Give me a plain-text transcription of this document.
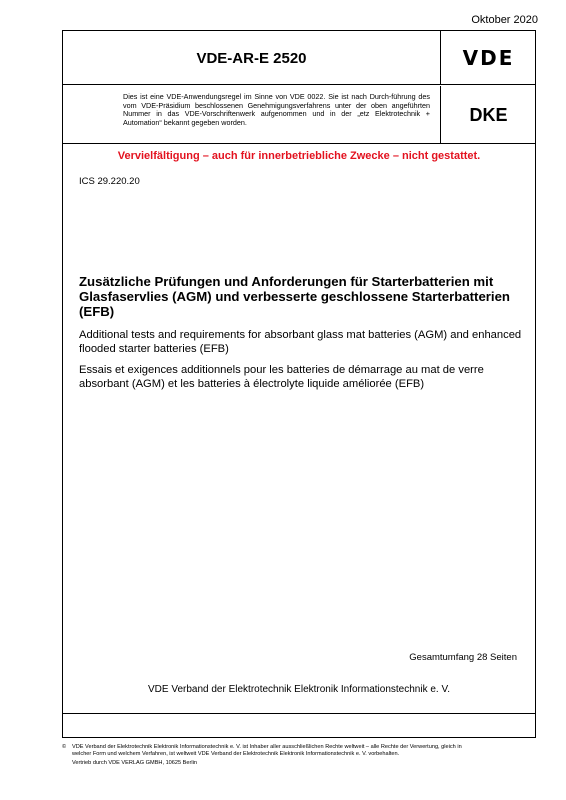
Oktober 2020
VDE-AR-E 2520	VDE
Dies ist eine VDE-Anwendungsregel im Sinne von VDE 0022. Sie ist nach Durch-führung des vom VDE-Präsidium beschlossenen Genehmigungsverfahrens unter der oben angeführten Nummer in das VDE-Vorschriftenwerk aufgenommen und in der „etz Elektrotechnik + Automation“ bekannt gegeben worden.	DKE
Vervielfältigung – auch für innerbetriebliche Zwecke – nicht gestattet.
ICS 29.220.20
Zusätzliche Prüfungen und Anforderungen für Starterbatterien mit Glasfaservlies (AGM) und verbesserte geschlossene Starterbatterien (EFB)
Additional tests and requirements for absorbant glass mat batteries (AGM) and enhanced flooded starter batteries (EFB)
Essais et exigences additionnels pour les batteries de démarrage au mat de verre absorbant (AGM) et les batteries à électrolyte liquide améliorée (EFB)
Gesamtumfang 28 Seiten
VDE Verband der Elektrotechnik Elektronik Informationstechnik e. V.
©	VDE Verband der Elektrotechnik Elektronik Informationstechnik e. V. ist Inhaber aller ausschließlichen Rechte weltweit – alle Rechte der Verwertung, gleich in welcher Form und welchem Verfahren, ist weltweit VDE Verband der Elektrotechnik Elektronik Informationstechnik e. V. vorbehalten.
Vertrieb durch VDE VERLAG GMBH, 10625 Berlin
